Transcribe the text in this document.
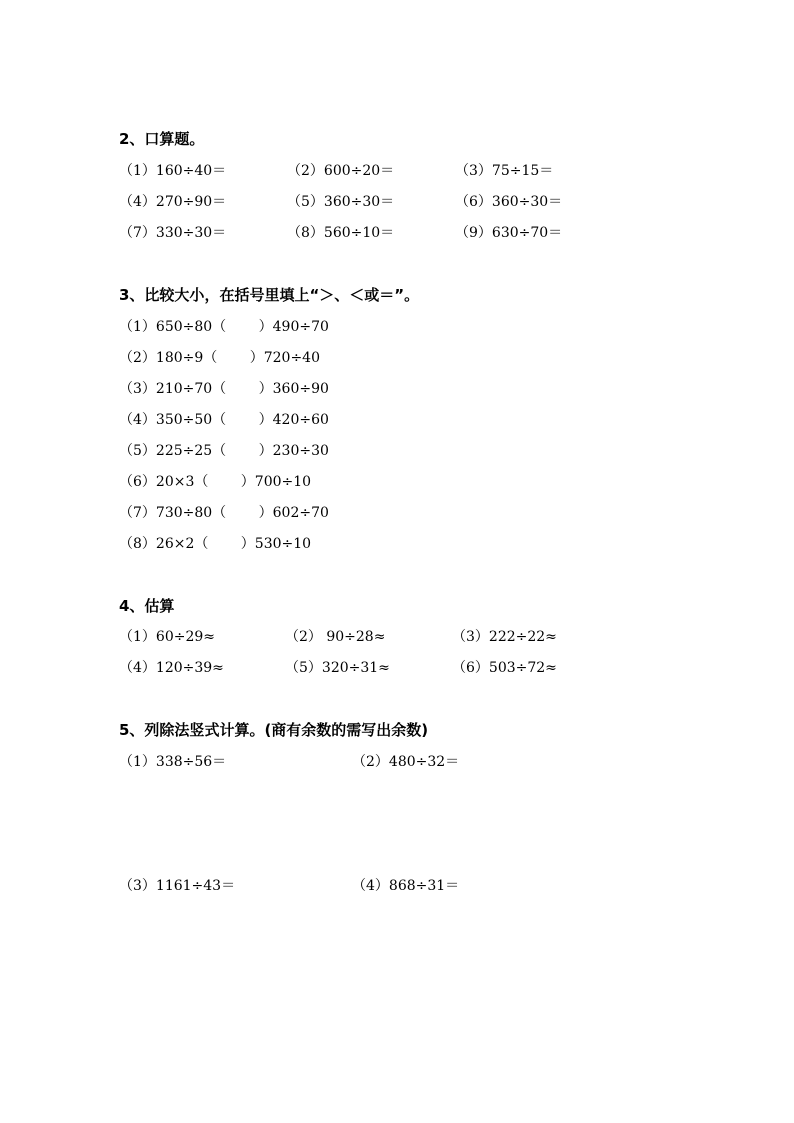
2、口算题。
（1）160÷40＝	（2）600÷20＝	（3）75÷15＝
（4）270÷90＝	（5）360÷30＝	（6）360÷30＝
（7）330÷30＝	（8）560÷10＝	（9）630÷70＝
3、比较大小，在括号里填上“＞、＜或＝”。
（1）650÷80（　　 ）490÷70
（2）180÷9（　　 ）720÷40
（3）210÷70（　　 ）360÷90
（4）350÷50（　　 ）420÷60
（5）225÷25（　　 ）230÷30
（6）20×3（　　 ）700÷10
（7）730÷80（　　 ）602÷70
（8）26×2（　　 ）530÷10
4、估算
（1）60÷29≈	（2） 90÷28≈	（3）222÷22≈
（4）120÷39≈	（5）320÷31≈	（6）503÷72≈
5、列除法竖式计算。(商有余数的需写出余数)
（1）338÷56＝	（2）480÷32＝
（3）1161÷43＝	（4）868÷31＝
